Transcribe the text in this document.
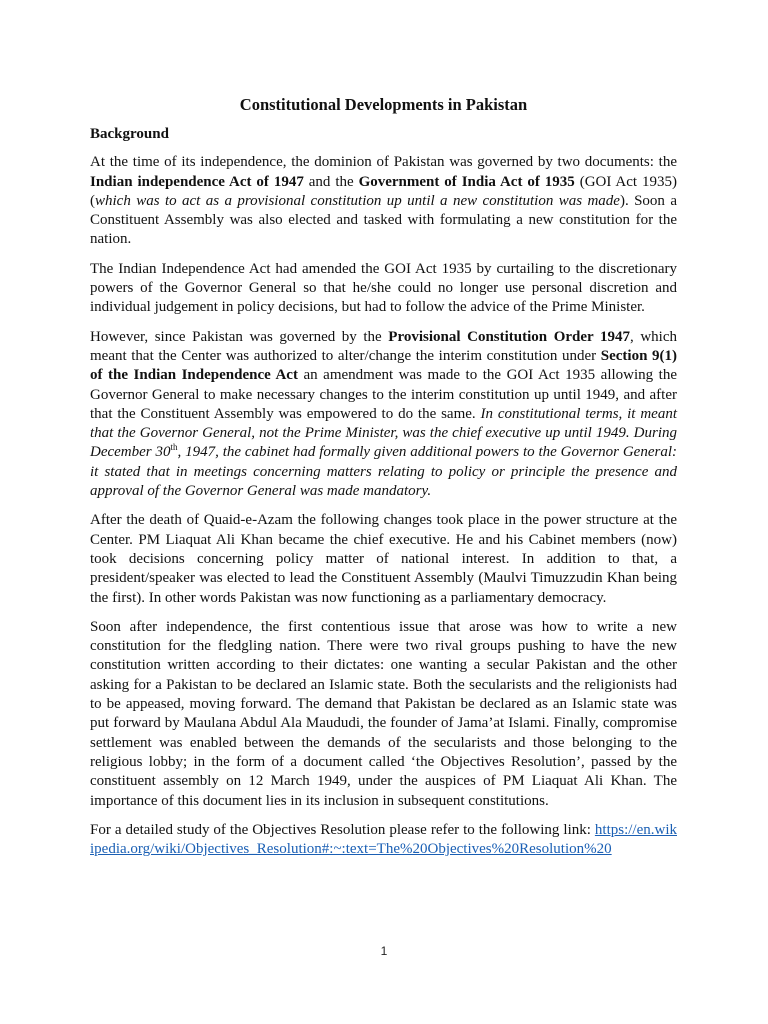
Constitutional Developments in Pakistan
Background

At the time of its independence, the dominion of Pakistan was governed by two documents: the Indian independence Act of 1947 and the Government of India Act of 1935 (GOI Act 1935) (which was to act as a provisional constitution up until a new constitution was made). Soon a Constituent Assembly was also elected and tasked with formulating a new constitution for the nation.

The Indian Independence Act had amended the GOI Act 1935 by curtailing to the discretionary powers of the Governor General so that he/she could no longer use personal discretion and individual judgement in policy decisions, but had to follow the advice of the Prime Minister.

However, since Pakistan was governed by the Provisional Constitution Order 1947, which meant that the Center was authorized to alter/change the interim constitution under Section 9(1) of the Indian Independence Act an amendment was made to the GOI Act 1935 allowing the Governor General to make necessary changes to the interim constitution up until 1949, and after that the Constituent Assembly was empowered to do the same. In constitutional terms, it meant that the Governor General, not the Prime Minister, was the chief executive up until 1949. During December 30th, 1947, the cabinet had formally given additional powers to the Governor General: it stated that in meetings concerning matters relating to policy or principle the presence and approval of the Governor General was made mandatory.

After the death of Quaid-e-Azam the following changes took place in the power structure at the Center. PM Liaquat Ali Khan became the chief executive. He and his Cabinet members (now) took decisions concerning policy matter of national interest. In addition to that, a president/speaker was elected to lead the Constituent Assembly (Maulvi Timuzzudin Khan being the first). In other words Pakistan was now functioning as a parliamentary democracy.

Soon after independence, the first contentious issue that arose was how to write a new constitution for the fledgling nation. There were two rival groups pushing to have the new constitution written according to their dictates: one wanting a secular Pakistan and the other asking for a Pakistan to be declared an Islamic state. Both the secularists and the religionists had to be appeased, moving forward. The demand that Pakistan be declared as an Islamic state was put forward by Maulana Abdul Ala Maududi, the founder of Jama’at Islami. Finally, compromise settlement was enabled between the demands of the secularists and those belonging to the religious lobby; in the form of a document called ‘the Objectives Resolution’, passed by the constituent assembly on 12 March 1949, under the auspices of PM Liaquat Ali Khan. The importance of this document lies in its inclusion in subsequent constitutions.

For a detailed study of the Objectives Resolution please refer to the following link: https://en.wikipedia.org/wiki/Objectives_Resolution#:~:text=The%20Objectives%20Resolution%20

1
